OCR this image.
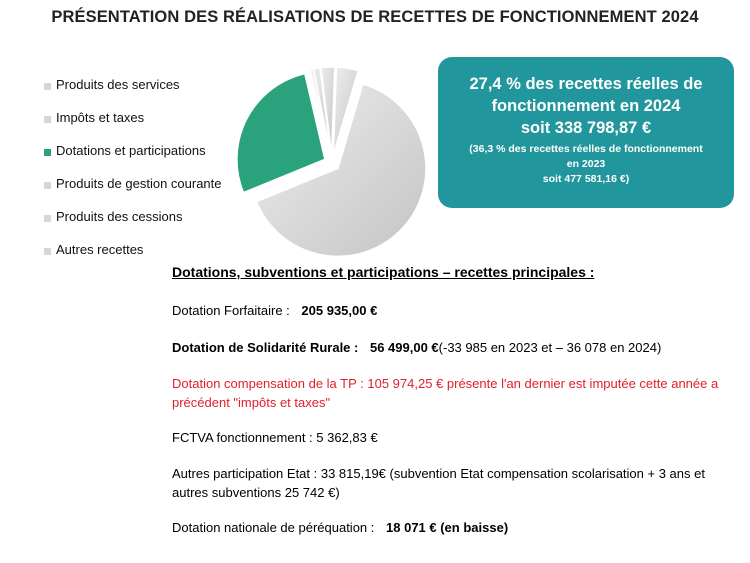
PRÉSENTATION DES RÉALISATIONS DE RECETTES DE FONCTIONNEMENT 2024
Produits des services
Impôts et taxes
Dotations et participations
Produits de gestion courante
Produits des cessions
Autres recettes
27,4 % des recettes réelles de
fonctionnement en 2024
soit 338 798,87 €
(36,3 % des recettes réelles de fonctionnement
en 2023
soit 477 581,16 €)
Dotations, subventions et participations – recettes principales :
Dotation Forfaitaire : 205 935,00 €
Dotation de Solidarité Rurale : 56 499,00 €(-33 985 en 2023 et – 36 078 en 2024)
Dotation compensation de la TP : 105 974,25 € présente l'an dernier est imputée cette année a
précédent "impôts et taxes"
FCTVA fonctionnement : 5 362,83 €
Autres participation Etat : 33 815,19€ (subvention Etat compensation scolarisation + 3 ans et
autres subventions 25 742 €)
Dotation nationale de péréquation : 18 071 € (en baisse)
